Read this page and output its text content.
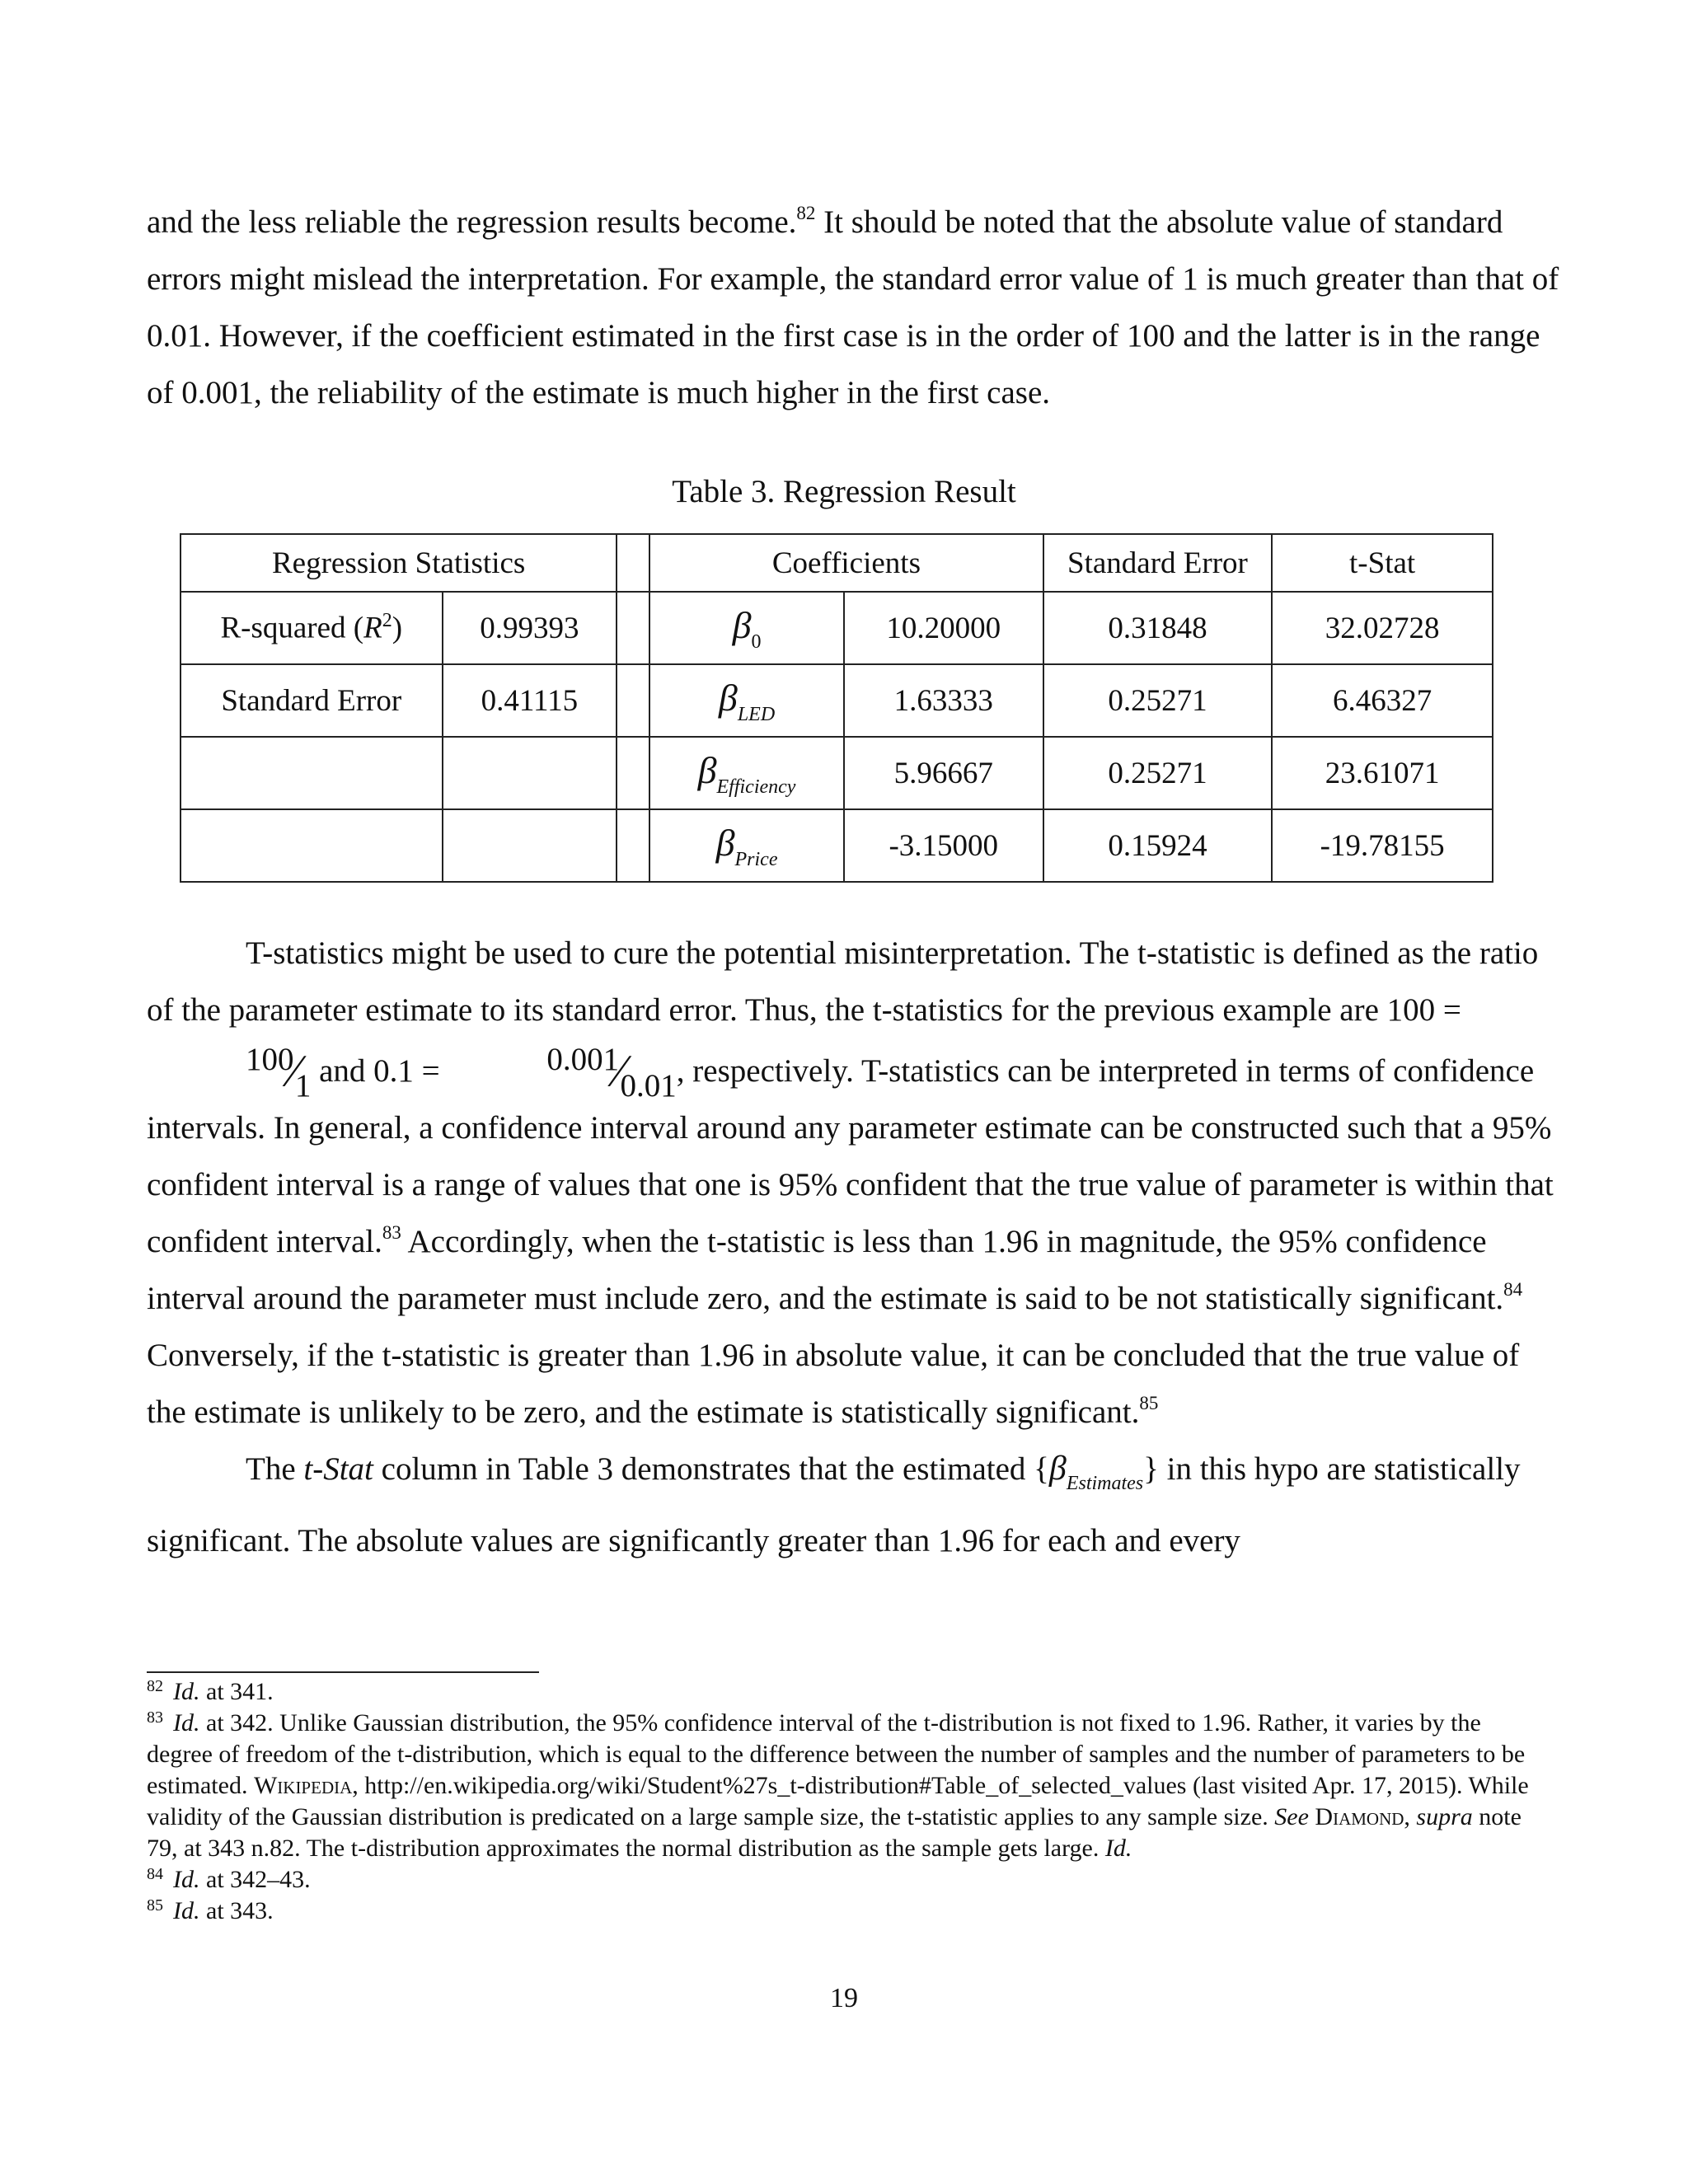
and the less reliable the regression results become.$^{82}$ It should be noted that the absolute value of standard errors might mislead the interpretation. For example, the standard error value of 1 is much greater than that of 0.01. However, if the coefficient estimated in the first case is in the order of 100 and the latter is in the range of 0.001, the reliability of the estimate is much higher in the first case.

Table 3. Regression Result
Regression Statistics			Coefficients		Standard Error	t-Stat
R-squared $(R^2)$	0.99393		$\beta_0$	10.20000	0.31848	32.02728
Standard Error	0.41115		$\beta_{LED}$	1.63333	0.25271	6.46327
			$\beta_{Efficiency}$	5.96667	0.25271	23.61071
			$\beta_{Price}$	-3.15000	0.15924	-19.78155

T-statistics might be used to cure the potential misinterpretation. The t-statistic is defined as the ratio of the parameter estimate to its standard error. Thus, the t-statistics for the previous example are 100 = 100⁄1 and 0.1 =	0.001⁄0.01, respectively. T-statistics can be interpreted in terms of confidence intervals. In general, a confidence interval around any parameter estimate can be constructed such that a 95% confident interval is a range of values that one is 95% confident that the true value of parameter is within that confident interval.$^{83}$ Accordingly, when the t-statistic is less than 1.96 in magnitude, the 95% confidence interval around the parameter must include zero, and the estimate is said to be not statistically significant.$^{84}$ Conversely, if the t-statistic is greater than 1.96 in absolute value, it can be concluded that the true value of the estimate is unlikely to be zero, and the estimate is statistically significant.$^{85}$

The t-Stat column in Table 3 demonstrates that the estimated $\{\beta_{Estimates}\}$ in this hypo are statistically significant. The absolute values are significantly greater than 1.96 for each and every

$^{82}$ Id. at 341.

$^{83}$ Id. at 342. Unlike Gaussian distribution, the 95% confidence interval of the t-distribution is not fixed to 1.96. Rather, it varies by the degree of freedom of the t-distribution, which is equal to the difference between the number of samples and the number of parameters to be estimated. Wikipedia, http://en.wikipedia.org/wiki/Student%27s_t-distribution#Table_of_selected_values (last visited Apr. 17, 2015). While validity of the Gaussian distribution is predicated on a large sample size, the t-statistic applies to any sample size. See Diamond, supra note 79, at 343 n.82. The t-distribution approximates the normal distribution as the sample gets large. Id.

$^{84}$ Id. at 342–43.

$^{85}$ Id. at 343.

19
